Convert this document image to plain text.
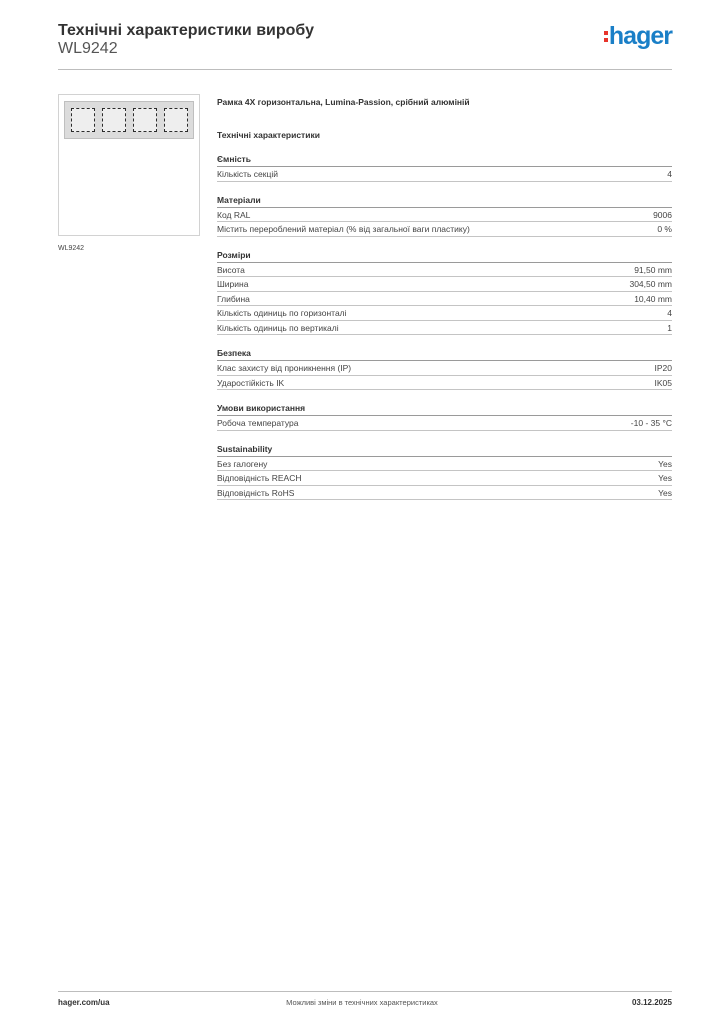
Технічні характеристики виробу
WL9242	hager
WL9242
Рамка 4X горизонтальна, Lumina-Passion, срібний алюміній
Технічні характеристики
Ємність
Кількість секцій	4
Матеріали
Код RAL	9006
Містить перероблений матеріал (% від загальної ваги пластику)	0 %
Розміри
Висота	91,50 mm
Ширина	304,50 mm
Глибина	10,40 mm
Кількість одиниць по горизонталі	4
Кількість одиниць по вертикалі	1
Безпека
Клас захисту від проникнення (IP)	IP20
Ударостійкість IK	IK05
Умови використання
Робоча температура	-10 - 35 °C
Sustainability
Без галогену	Yes
Відповідність REACH	Yes
Відповідність RoHS	Yes
hager.com/ua	Можливі зміни в технічних характеристиках	03.12.2025
